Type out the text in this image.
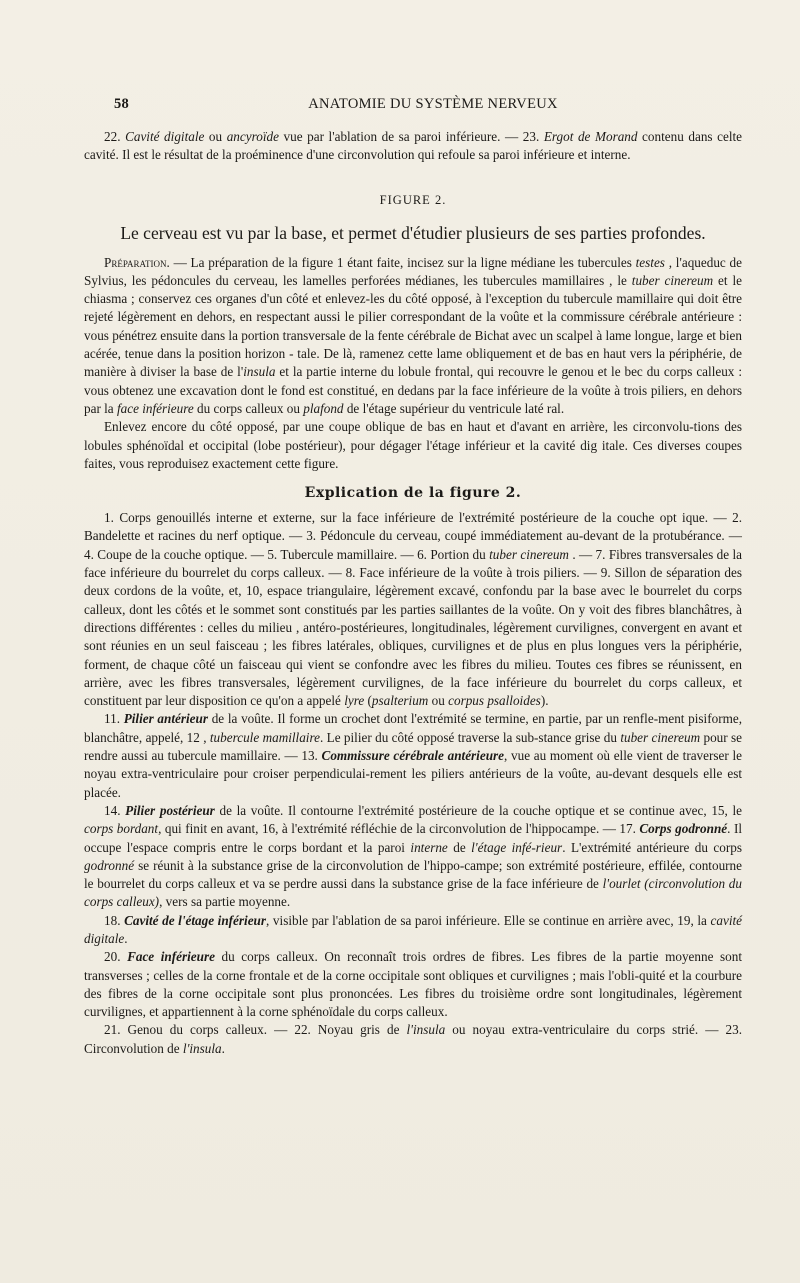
58	ANATOMIE DU SYSTÈME NERVEUX

22. Cavité digitale ou ancyroïde vue par l'ablation de sa paroi inférieure. — 23. Ergot de Morand contenu dans celte cavité. Il est le résultat de la proéminence d'une circonvolution qui refoule sa paroi inférieure et interne.

FIGURE 2.
Le cerveau est vu par la base, et permet d'étudier plusieurs de ses parties profondes.

Préparation. — La préparation de la figure 1 étant faite, incisez sur la ligne médiane les tubercules testes , l'aqueduc de Sylvius, les pédoncules du cerveau, les lamelles perforées médianes, les tubercules mamillaires , le tuber cinereum et le chiasma ; conservez ces organes d'un côté et enlevez-les du côté opposé, à l'exception du tubercule mamillaire qui doit être rejeté légèrement en dehors, en respectant aussi le pilier correspondant de la voûte et la commissure cérébrale antérieure : vous pénétrez ensuite dans la portion transversale de la fente cérébrale de Bichat avec un scalpel à lame longue, large et bien acérée, tenue dans la position horizon - tale. De là, ramenez cette lame obliquement et de bas en haut vers la périphérie, de manière à diviser la base de l'insula et la partie interne du lobule frontal, qui recouvre le genou et le bec du corps calleux : vous obtenez une excavation dont le fond est constitué, en dedans par la face inférieure de la voûte à trois piliers, en dehors par la face inférieure du corps calleux ou plafond de l'étage supérieur du ventricule laté ral.

Enlevez encore du côté opposé, par une coupe oblique de bas en haut et d'avant en arrière, les circonvolu-tions des lobules sphénoïdal et occipital (lobe postérieur), pour dégager l'étage inférieur et la cavité dig itale. Ces diverses coupes faites, vous reproduisez exactement cette figure.

Explication de la figure 2.

1. Corps genouillés interne et externe, sur la face inférieure de l'extrémité postérieure de la couche opt ique. — 2. Bandelette et racines du nerf optique. — 3. Pédoncule du cerveau, coupé immédiatement au-devant de la protubérance. — 4. Coupe de la couche optique. — 5. Tubercule mamillaire. — 6. Portion du tuber cinereum . — 7. Fibres transversales de la face inférieure du bourrelet du corps calleux. — 8. Face inférieure de la voûte à trois piliers. — 9. Sillon de séparation des deux cordons de la voûte, et, 10, espace triangulaire, légèrement excavé, confondu par la base avec le bourrelet du corps calleux, dont les côtés et le sommet sont constitués par les parties saillantes de la voûte. On y voit des fibres blanchâtres, à directions différentes : celles du milieu , antéro-postérieures, longitudinales, légèrement curvilignes, convergent en avant et sont réunies en un seul faisceau ; les fibres latérales, obliques, curvilignes et de plus en plus longues vers la périphérie, forment, de chaque côté un faisceau qui vient se confondre avec les fibres du milieu. Toutes ces fibres se réunissent, en arrière, avec les fibres transversales, légèrement curvilignes, de la face inférieure du bourrelet du corps calleux, et constituent par leur disposition ce qu'on a appelé lyre (psalterium ou corpus psalloides).

11. Pilier antérieur de la voûte. Il forme un crochet dont l'extrémité se termine, en partie, par un renfle-ment pisiforme, blanchâtre, appelé, 12 , tubercule mamillaire. Le pilier du côté opposé traverse la sub-stance grise du tuber cinereum pour se rendre aussi au tubercule mamillaire. — 13. Commissure cérébrale antérieure, vue au moment où elle vient de traverser le noyau extra-ventriculaire pour croiser perpendiculai-rement les piliers antérieurs de la voûte, au-devant desquels elle est placée.

14. Pilier postérieur de la voûte. Il contourne l'extrémité postérieure de la couche optique et se continue avec, 15, le corps bordant, qui finit en avant, 16, à l'extrémité réfléchie de la circonvolution de l'hippocampe. — 17. Corps godronné. Il occupe l'espace compris entre le corps bordant et la paroi interne de l'étage infé-rieur. L'extrémité antérieure du corps godronné se réunit à la substance grise de la circonvolution de l'hippo-campe; son extrémité postérieure, effilée, contourne le bourrelet du corps calleux et va se perdre aussi dans la substance grise de la face inférieure de l'ourlet (circonvolution du corps calleux), vers sa partie moyenne.

18. Cavité de l'étage inférieur, visible par l'ablation de sa paroi inférieure. Elle se continue en arrière avec, 19, la cavité digitale.

20. Face inférieure du corps calleux. On reconnaît trois ordres de fibres. Les fibres de la partie moyenne sont transverses ; celles de la corne frontale et de la corne occipitale sont obliques et curvilignes ; mais l'obli-quité et la courbure des fibres de la corne occipitale sont plus prononcées. Les fibres du troisième ordre sont longitudinales, légèrement curvilignes, et appartiennent à la corne sphénoïdale du corps calleux.

21. Genou du corps calleux. — 22. Noyau gris de l'insula ou noyau extra-ventriculaire du corps strié. — 23. Circonvolution de l'insula.
